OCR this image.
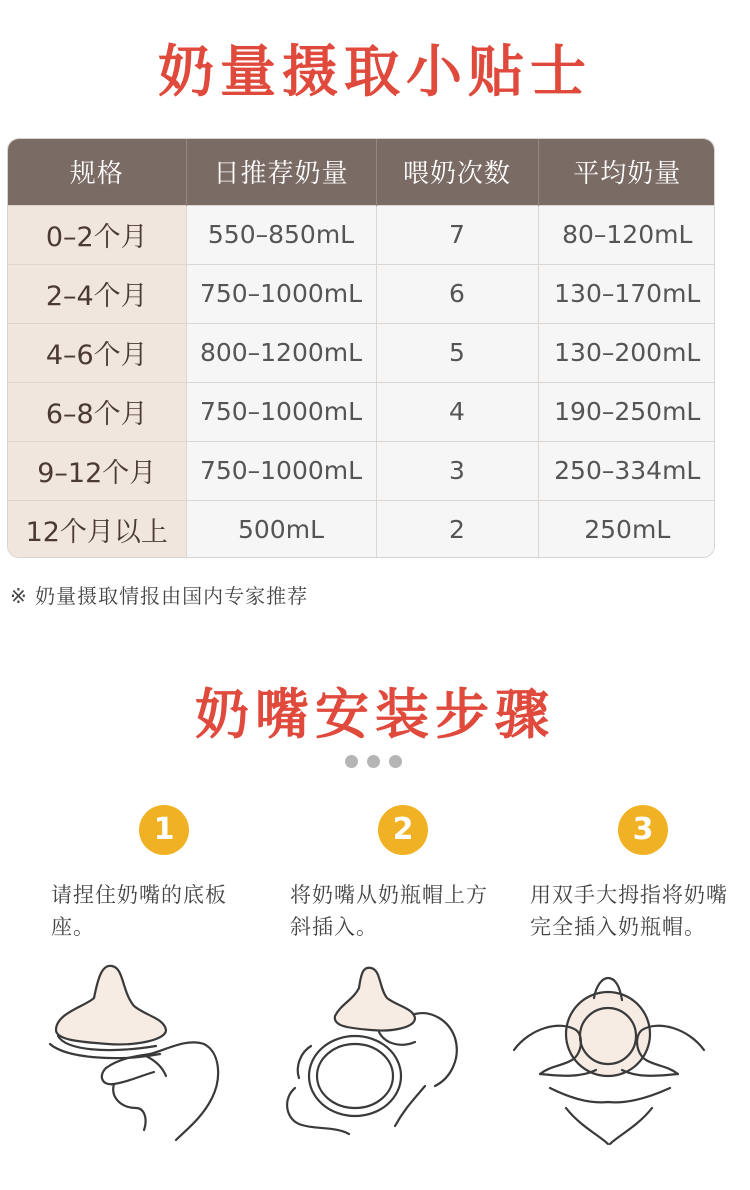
奶量摄取小贴士
规格	日推荐奶量	喂奶次数	平均奶量
0–2个月	550–850mL	7	80–120mL
2–4个月	750–1000mL	6	130–170mL
4–6个月	800–1200mL	5	130–200mL
6–8个月	750–1000mL	4	190–250mL
9–12个月	750–1000mL	3	250–334mL
12个月以上	500mL	2	250mL
※ 奶量摄取情报由国内专家推荐
奶嘴安装步骤
1
请捏住奶嘴的底板座。
2
将奶嘴从奶瓶帽上方斜插入。
3
用双手大拇指将奶嘴完全插入奶瓶帽。
